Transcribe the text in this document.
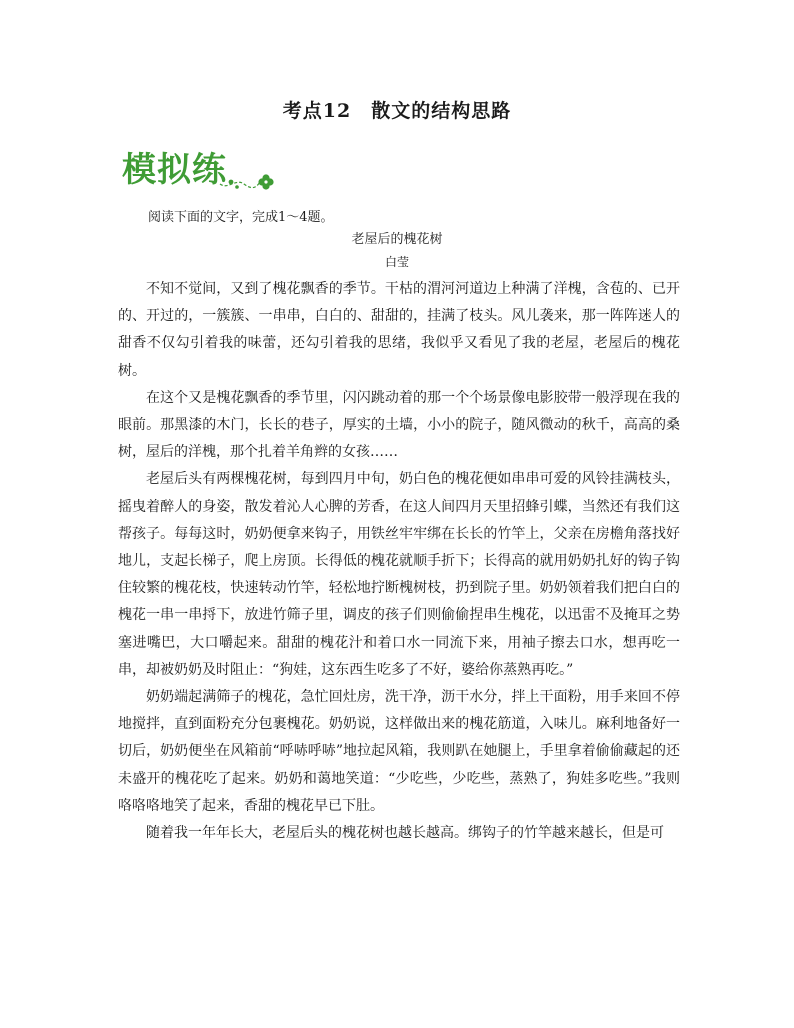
考点12　散文的结构思路
模拟练
阅读下面的文字，完成1～4题。
老屋后的槐花树
白莹

不知不觉间，又到了槐花飘香的季节。干枯的渭河河道边上种满了洋槐，含苞的、已开的、开过的，一簇簇、一串串，白白的、甜甜的，挂满了枝头。风儿袭来，那一阵阵迷人的甜香不仅勾引着我的味蕾，还勾引着我的思绪，我似乎又看见了我的老屋，老屋后的槐花树。

在这个又是槐花飘香的季节里，闪闪跳动着的那一个个场景像电影胶带一般浮现在我的眼前。那黑漆的木门，长长的巷子，厚实的土墙，小小的院子，随风微动的秋千，高高的桑树，屋后的洋槐，那个扎着羊角辫的女孩……

老屋后头有两棵槐花树，每到四月中旬，奶白色的槐花便如串串可爱的风铃挂满枝头，摇曳着醉人的身姿，散发着沁人心脾的芳香，在这人间四月天里招蜂引蝶，当然还有我们这帮孩子。每每这时，奶奶便拿来钩子，用铁丝牢牢绑在长长的竹竿上，父亲在房檐角落找好地儿，支起长梯子，爬上房顶。长得低的槐花就顺手折下；长得高的就用奶奶扎好的钩子钩住较繁的槐花枝，快速转动竹竿，轻松地拧断槐树枝，扔到院子里。奶奶领着我们把白白的槐花一串一串捋下，放进竹筛子里，调皮的孩子们则偷偷捏串生槐花，以迅雷不及掩耳之势塞进嘴巴，大口嚼起来。甜甜的槐花汁和着口水一同流下来，用袖子擦去口水，想再吃一串，却被奶奶及时阻止：“狗娃，这东西生吃多了不好，婆给你蒸熟再吃。”

奶奶端起满筛子的槐花，急忙回灶房，洗干净，沥干水分，拌上干面粉，用手来回不停地搅拌，直到面粉充分包裹槐花。奶奶说，这样做出来的槐花筋道，入味儿。麻利地备好一切后，奶奶便坐在风箱前“呼哧呼哧”地拉起风箱，我则趴在她腿上，手里拿着偷偷藏起的还未盛开的槐花吃了起来。奶奶和蔼地笑道：“少吃些，少吃些，蒸熟了，狗娃多吃些。”我则咯咯咯地笑了起来，香甜的槐花早已下肚。

随着我一年年长大，老屋后头的槐花树也越长越高。绑钩子的竹竿越来越长，但是可
